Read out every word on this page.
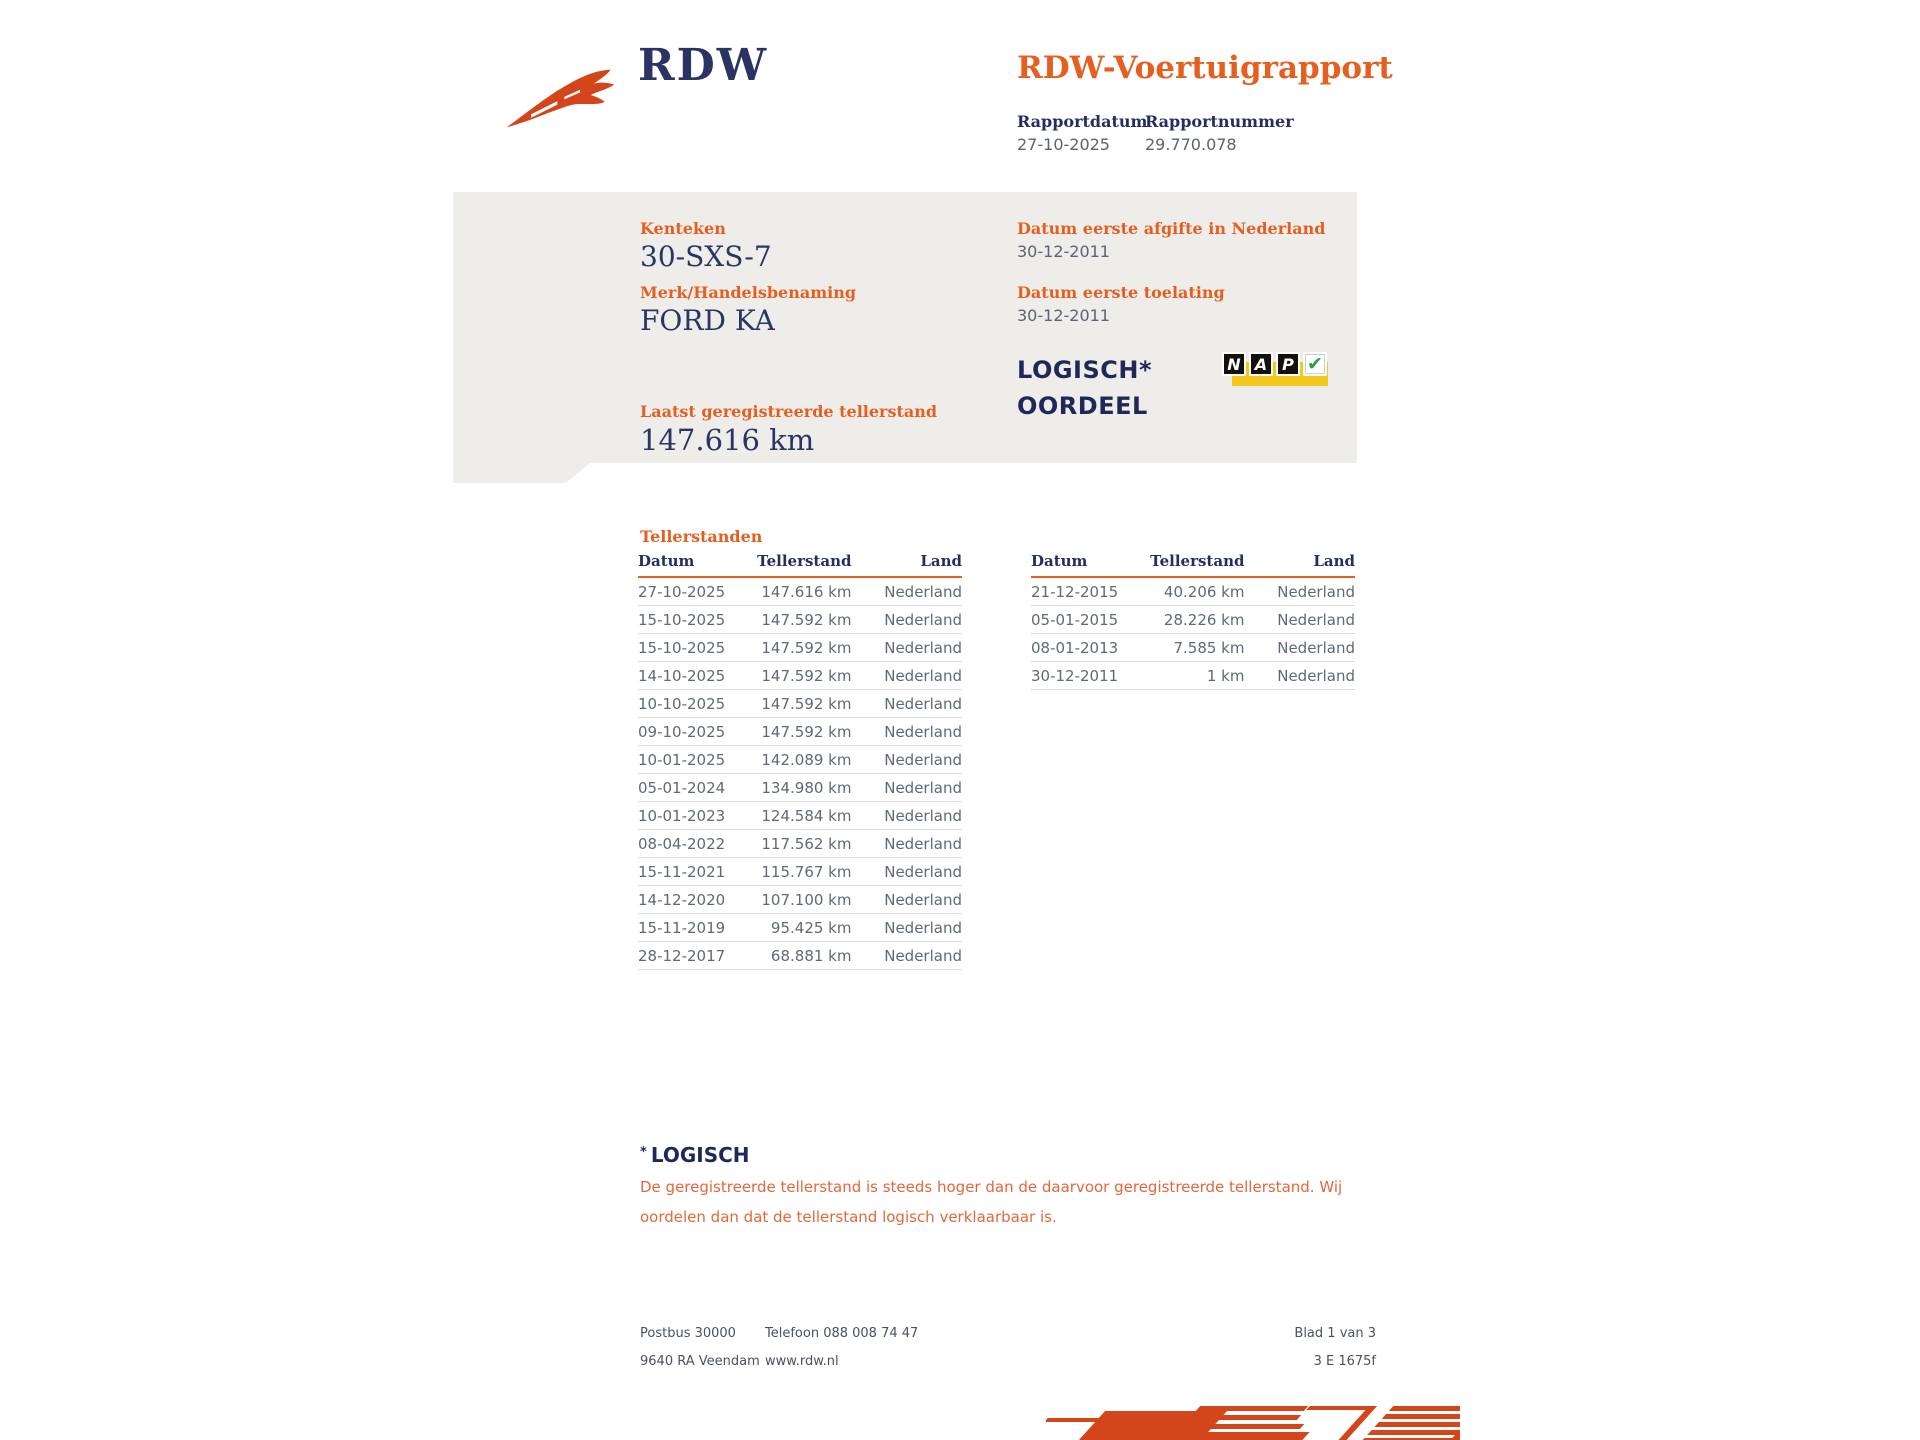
RDW	RDW-Voertuigrapport
Rapportdatum
Rapportnummer
27-10-2025 29.770.078
Kenteken
30-SXS-7
Merk/Handelsbenaming
FORD KA
Datum eerste afgifte in Nederland
30-12-2011
Datum eerste toelating
30-12-2011
LOGISCH*
OORDEEL
N A P ✔
Laatst geregistreerde tellerstand
147.616 km
Tellerstanden
Datum	Tellerstand	Land
27-10-2025	147.616 km	Nederland
15-10-2025	147.592 km	Nederland
15-10-2025	147.592 km	Nederland
14-10-2025	147.592 km	Nederland
10-10-2025	147.592 km	Nederland
09-10-2025	147.592 km	Nederland
10-01-2025	142.089 km	Nederland
05-01-2024	134.980 km	Nederland
10-01-2023	124.584 km	Nederland
08-04-2022	117.562 km	Nederland
15-11-2021	115.767 km	Nederland
14-12-2020	107.100 km	Nederland
15-11-2019	95.425 km	Nederland
28-12-2017	68.881 km	Nederland
Datum	Tellerstand	Land
21-12-2015	40.206 km	Nederland
05-01-2015	28.226 km	Nederland
08-01-2013	7.585 km	Nederland
30-12-2011	1 km	Nederland
* LOGISCH

De geregistreerde tellerstand is steeds hoger dan de daarvoor geregistreerde tellerstand. Wij oordelen dan dat de tellerstand logisch verklaarbaar is.

Postbus 30000
9640 RA Veendam
Telefoon 088 008 74 47
www.rdw.nl
Blad 1 van 3
3 E 1675f
